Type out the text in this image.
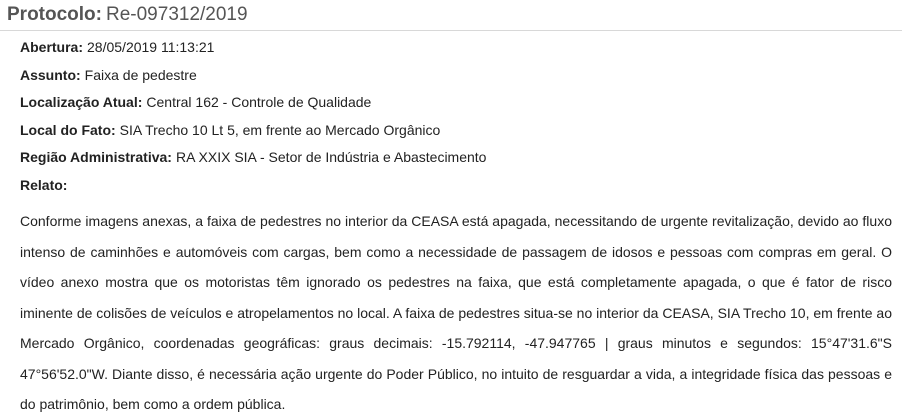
Protocolo: Re-097312/2019
Abertura: 28/05/2019 11:13:21
Assunto: Faixa de pedestre
Localização Atual: Central 162 - Controle de Qualidade
Local do Fato: SIA Trecho 10 Lt 5, em frente ao Mercado Orgânico
Região Administrativa: RA XXIX SIA - Setor de Indústria e Abastecimento
Relato:
Conforme imagens anexas, a faixa de pedestres no interior da CEASA está apagada, necessitando de urgente revitalização, devido ao fluxo intenso de caminhões e automóveis com cargas, bem como a necessidade de passagem de idosos e pessoas com compras em geral. O vídeo anexo mostra que os motoristas têm ignorado os pedestres na faixa, que está completamente apagada, o que é fator de risco iminente de colisões de veículos e atropelamentos no local. A faixa de pedestres situa-se no interior da CEASA, SIA Trecho 10, em frente ao Mercado Orgânico, coordenadas geográficas: graus decimais: -15.792114, -47.947765 | graus minutos e segundos: 15°47'31.6"S 47°56'52.0"W. Diante disso, é necessária ação urgente do Poder Público, no intuito de resguardar a vida, a integridade física das pessoas e do patrimônio, bem como a ordem pública.
